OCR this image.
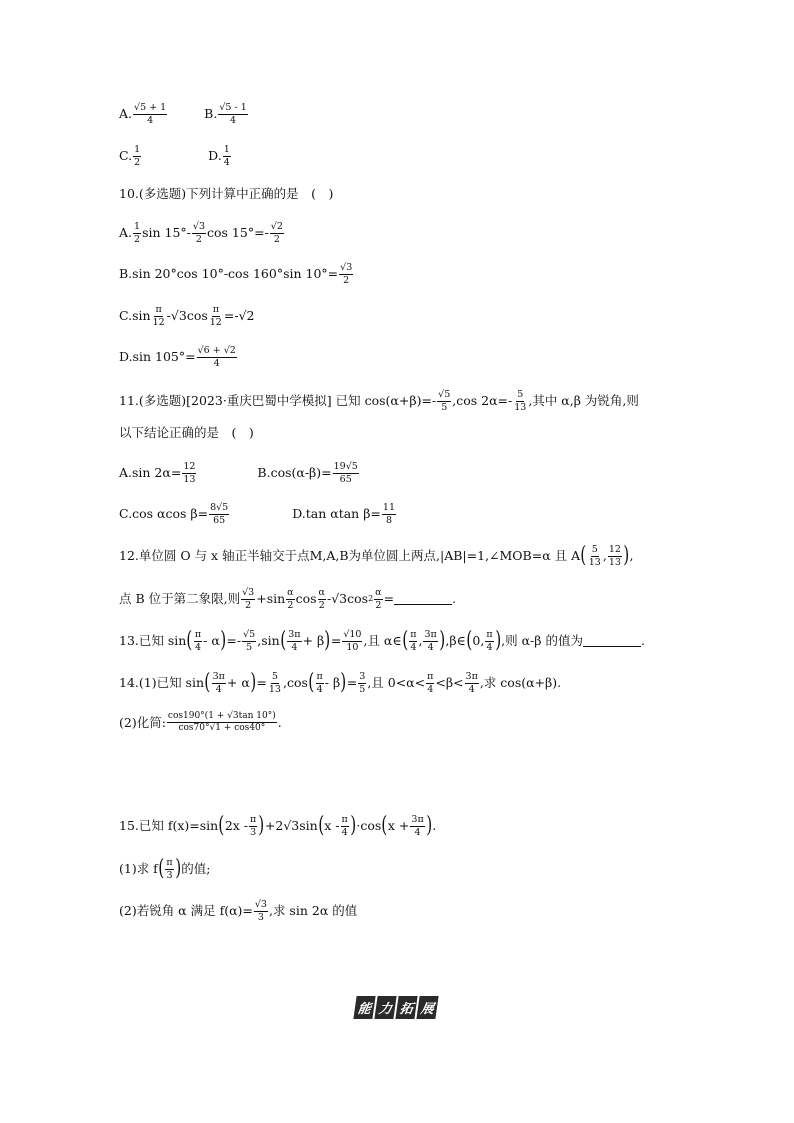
A. $\frac{√5 + 1}{4}$	B. $\frac{√5 - 1}{4}$
C. $\frac{1}{2}$	D. $\frac{1}{4}$
10.(多选题)下列计算中正确的是　(　)
A. $\frac{1}{2}$ $\sin 15^\circ- \frac{√3}{2}$ $\cos 15^\circ=- \frac{√2}{2}$
B.sin 20°cos 10°-cos 160°sin $10^\circ= \frac{√3}{2}$
$C.\sin \frac{\pi}{12} -√3$ $\cos \frac{\pi}{12} =- √2$
D.sin $105^\circ= \frac{√6 + √2}{4}$
11.(多选题)[2023·重庆巴蜀中学模拟] 已知 $\cos(\alpha+\beta)=- \frac{√5}{5} ,\cos$ $2\alpha=- \frac{5}{13}$ ,其中 α,β 为锐角,则
以下结论正确的是　(　)
A.sin $2\alpha= \frac{12}{13}$	$B.\cos(\alpha-\beta)= \frac{19√5}{65}$
C.cos αcos $\beta= \frac{8√5}{65}$	D.tan αtan $\beta= \frac{11}{8}$
12.单位圆 O 与 x 轴正半轴交于点M,A,B为单位圆上两点,|AB|=1,∠MOB=α 且 A ( $\frac{5}{13}$ , $\frac{12}{13}$ ) ,
点 B 位于第二象限,则 $\frac{√3}{2} +\sin \frac{\alpha}{2}$ $\cos \frac{\alpha}{2} - √3$ $\cos 2 \frac{\alpha}{2}$ =	.
13.已知 sin ( $\frac{\pi}{4}$ - α ) =- $\frac{√5}{5} ,\sin$ ( $\frac{3\pi}{4} + \beta$ ) = $\frac{√10}{10}$ ,且 α∈ ( $\frac{\pi}{4}$ , $\frac{3\pi}{4}$ ) ,β∈ ( 0, $\frac{\pi}{4}$ ) ,则 α-β 的值为	.
14.(1)已知 sin ( $\frac{3\pi}{4} + \alpha$ ) = $\frac{5}{13} ,\cos$ ( $\frac{\pi}{4}$ - β ) = $\frac{3}{5}$ ,且 $0<\alpha< \frac{\pi}{4} <\beta< \frac{3\pi}{4}$ ,求 cos(α+β).
(2)化简: $\frac{\cos 190^\circ(1 + √3\tan 10^\circ)}{\cos 70^\circ√1 + \cos 40^\circ}$ .
15.已知 f(x)=sin ( $2x - \frac{\pi}{3}$ ) +2 √3 sin ( x - $\frac{\pi}{4}$ ) ·cos ( $x + \frac{3\pi}{4}$ ) .
(1)求 f ( $\frac{\pi}{3}$ ) 的值;
(2)若锐角 α 满足 $f(\alpha)= \frac{√3}{3}$ ,求 sin 2α 的值
能 力 拓 展
